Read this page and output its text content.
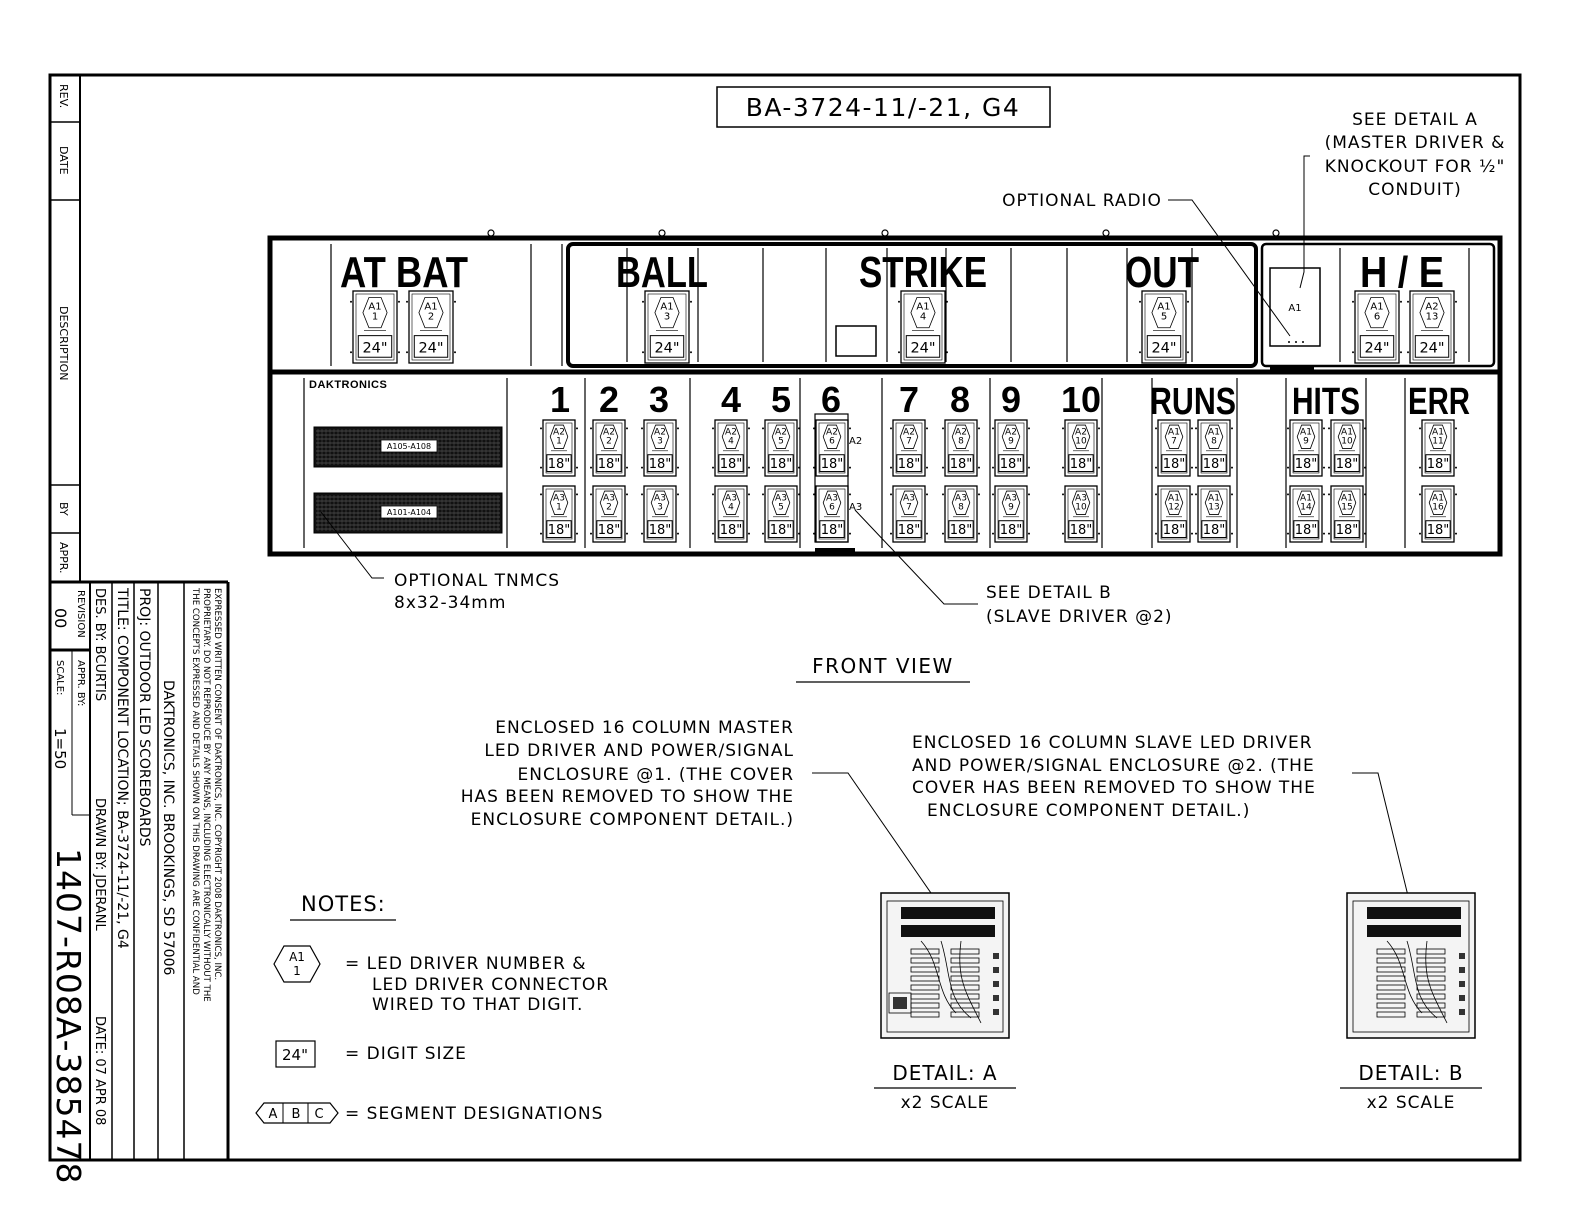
REV.
DATE
DESCRIPTION
BY
APPR.
REVISION
00
APPR. BY:
SCALE:
1=50
1407-R08A-385478
DES. BY: BCURTIS
DRAWN BY: JDERANL
DATE: 07 APR 08
TITLE: COMPONENT LOCATION; BA-3724-11/-21, G4 PROJ: OUTDOOR LED SCOREBOARDS DAKTRONICS, INC. BROOKINGS, SD 57006 THE CONCEPTS EXPRESSED AND DETAILS SHOWN ON THIS DRAWING ARE CONFIDENTIAL AND PROPRIETARY. DO NOT REPRODUCE BY ANY MEANS, INCLUDING ELECTRONICALLY WITHOUT THE EXPRESSED WRITTEN CONSENT OF DAKTRONICS, INC. COPYRIGHT 2008 DAKTRONICS, INC.
BA-3724-11/-21, G4	SEE DETAIL A
(MASTER DRIVER &
KNOCKOUT FOR ½"
CONDUIT)
OPTIONAL RADIO
AT BAT	BALL	STRIKE	OUT	H / E
A1
1
24"
A1
2
24"
A1
3
24"
A1
4
24"
A1
5
24"
A1
6
24"
A2
13
24"
A1
DAKTRONICS
A105-A108
A101-A104
1 2 3 4 5 6 7 8 9 10 RUNS HITS ERR
A2
1
18"
A2
2
18"
A2
3
18"
A2
4
18"
A2
5
18"
A2
6
18"
A2
7
18"
A2
8
18"
A2
9
18"
A2
10
18"
A1
7
18"
A1
8
18"
A1
9
18"
A1
10
18"
A1
11
18"
A3
1
18"
A3
2
18"
A3
3
18"
A3
4
18"
A3
5
18"
A3
6
18"
A3
7
18"
A3
8
18"
A3
9
18"
A3
10
18"
A1
12
18"
A1
13
18"
A1
14
18"
A1
15
18"
A1
16
18"
A2
A3
OPTIONAL TNMCS
8x32-34mm	SEE DETAIL B
(SLAVE DRIVER @2)
FRONT VIEW
ENCLOSED 16 COLUMN MASTER
LED DRIVER AND POWER/SIGNAL
ENCLOSURE @1. (THE COVER
HAS BEEN REMOVED TO SHOW THE
ENCLOSURE COMPONENT DETAIL.)
ENCLOSED 16 COLUMN SLAVE LED DRIVER
AND POWER/SIGNAL ENCLOSURE @2. (THE
COVER HAS BEEN REMOVED TO SHOW THE
ENCLOSURE COMPONENT DETAIL.)
NOTES:
A1
1	= LED DRIVER NUMBER &
LED DRIVER CONNECTOR
WIRED TO THAT DIGIT.
24" = DIGIT SIZE
A B C = SEGMENT DESIGNATIONS
DETAIL: A
x2 SCALE
DETAIL: B
x2 SCALE
